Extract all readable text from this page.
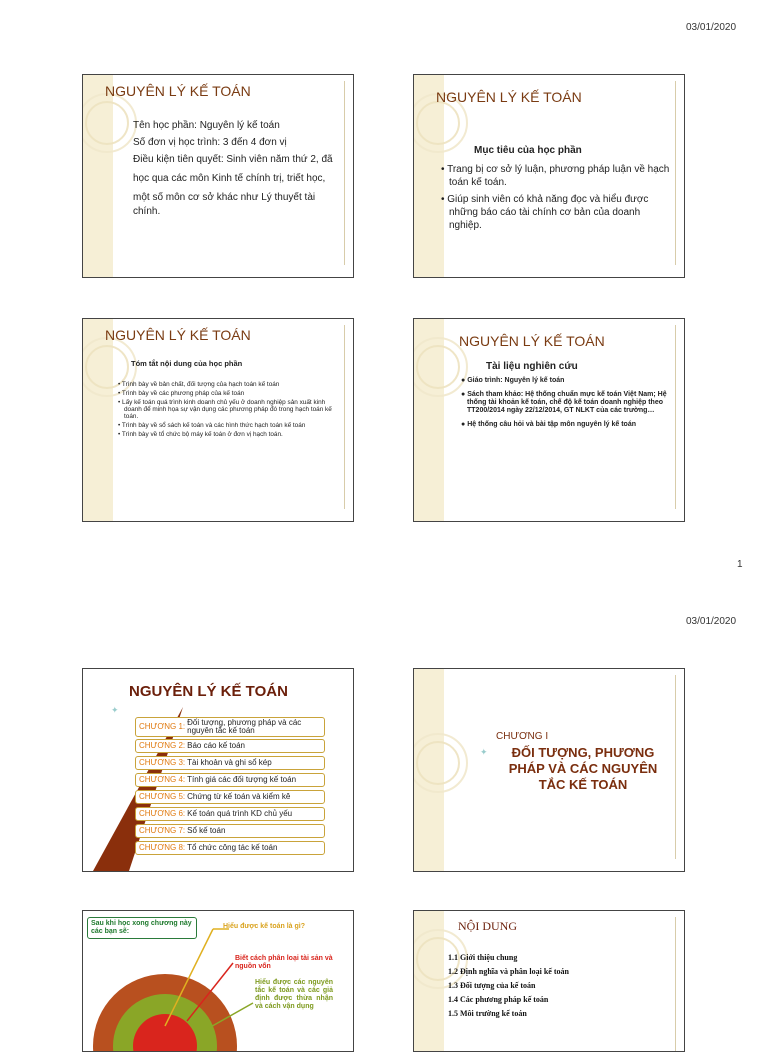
03/01/2020
NGUYÊN LÝ KẾ TOÁN
Tên học phần: Nguyên lý kế toán
Số đơn vị học trình: 3 đến 4 đơn vị
Điều kiện tiên quyết: Sinh viên năm thứ 2, đã
học qua các môn Kinh tế chính trị, triết học,
một số môn cơ sở khác như Lý thuyết tài chính.
NGUYÊN LÝ KẾ TOÁN
Mục tiêu của học phần
• Trang bị cơ sở lý luận, phương pháp luận về hạch toán kế toán.
• Giúp sinh viên có khả năng đọc và hiểu được những báo cáo tài chính cơ bản của doanh nghiệp.
NGUYÊN LÝ KẾ TOÁN
Tóm tắt nội dung của học phần
• Trình bày về bản chất, đối tượng của hạch toán kế toán
• Trình bày về các phương pháp của kế toán
• Lấy kế toán quá trình kinh doanh chủ yếu ở doanh nghiệp sản xuất kinh doanh để minh họa sự vận dụng các phương pháp đó trong hạch toán kế toán.
• Trình bày về sổ sách kế toán và các hình thức hạch toán kế toán
• Trình bày về tổ chức bộ máy kế toán ở đơn vị hạch toán.
NGUYÊN LÝ KẾ TOÁN
Tài liệu nghiên cứu
● Giáo trình: Nguyên lý kế toán
● Sách tham khảo: Hệ thống chuẩn mực kế toán Việt Nam; Hệ thống tài khoản kế toán, chế độ kế toán doanh nghiệp theo TT200/2014 ngày 22/12/2014, GT NLKT của các trường…
● Hệ thống câu hỏi và bài tập môn nguyên lý kế toán
1
03/01/2020
NGUYÊN LÝ KẾ TOÁN
✦
CHƯƠNG 1: Đối tượng, phương pháp và các nguyên tắc kế toán
CHƯƠNG 2: Báo cáo kế toán
CHƯƠNG 3: Tài khoản và ghi sổ kép
CHƯƠNG 4: Tính giá các đối tượng kế toán
CHƯƠNG 5: Chứng từ kế toán và kiểm kê
CHƯƠNG 6: Kế toán quá trình KD chủ yếu
CHƯƠNG 7: Sổ kế toán
CHƯƠNG 8: Tổ chức công tác kế toán
✦
CHƯƠNG I
ĐỐI TƯỢNG, PHƯƠNG
PHÁP VÀ CÁC NGUYÊN
TẮC KẾ TOÁN
Sau khi học xong chương này các bạn sẽ:
Hiểu được kế toán là gì?
Biết cách phân loại tài sản và nguồn vốn
Hiểu được các nguyên tắc kế toán và các giả định được thừa nhận và cách vận dụng
NỘI DUNG
1.1 Giới thiệu chung
1.2 Định nghĩa và phân loại kế toán
1.3 Đối tượng của kế toán
1.4 Các phương pháp kế toán
1.5 Môi trường kế toán
